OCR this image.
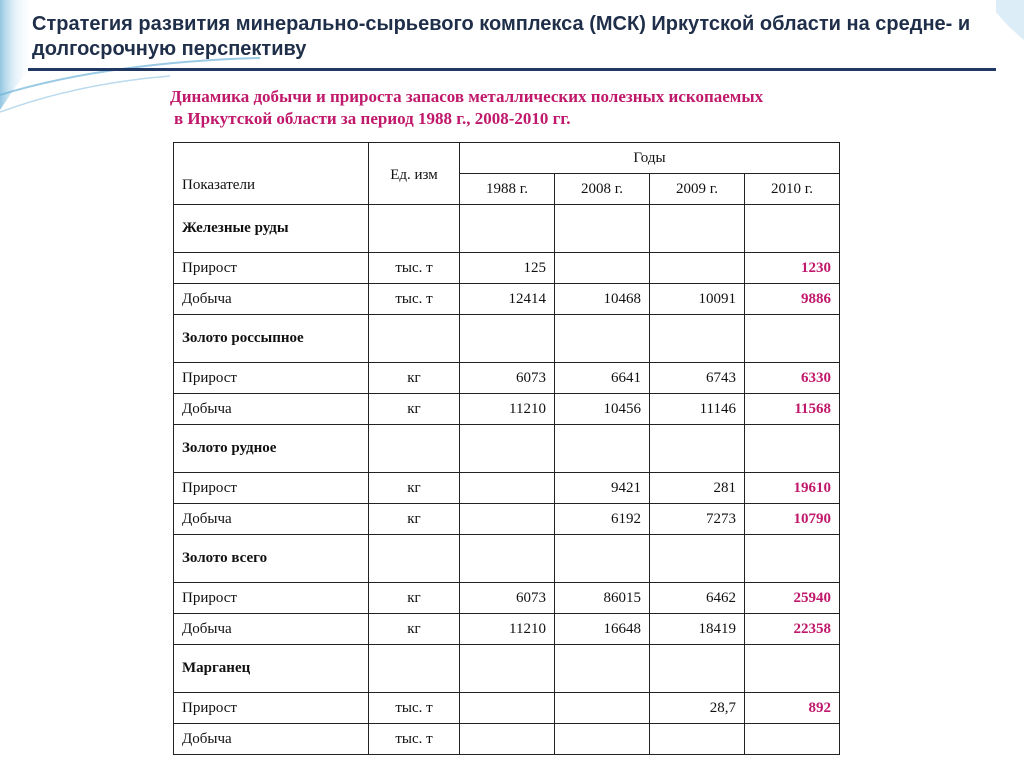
Стратегия развития минерально-сырьевого комплекса (МСК) Иркутской области на средне- и долгосрочную перспективу
Динамика добычи и прироста запасов металлических полезных ископаемых
в Иркутской области за период 1988 г., 2008-2010 гг.
Показатели	Ед. изм	Годы			
		1988 г.	2008 г.	2009 г.	2010 г.
Железные руды					
Прирост	тыс. т	125			1230
Добыча	тыс. т	12414	10468	10091	9886
Золото россыпное					
Прирост	кг	6073	6641	6743	6330
Добыча	кг	11210	10456	11146	11568
Золото рудное					
Прирост	кг		9421	281	19610
Добыча	кг		6192	7273	10790
Золото всего					
Прирост	кг	6073	86015	6462	25940
Добыча	кг	11210	16648	18419	22358
Марганец					
Прирост	тыс. т			28,7	892
Добыча	тыс. т				
